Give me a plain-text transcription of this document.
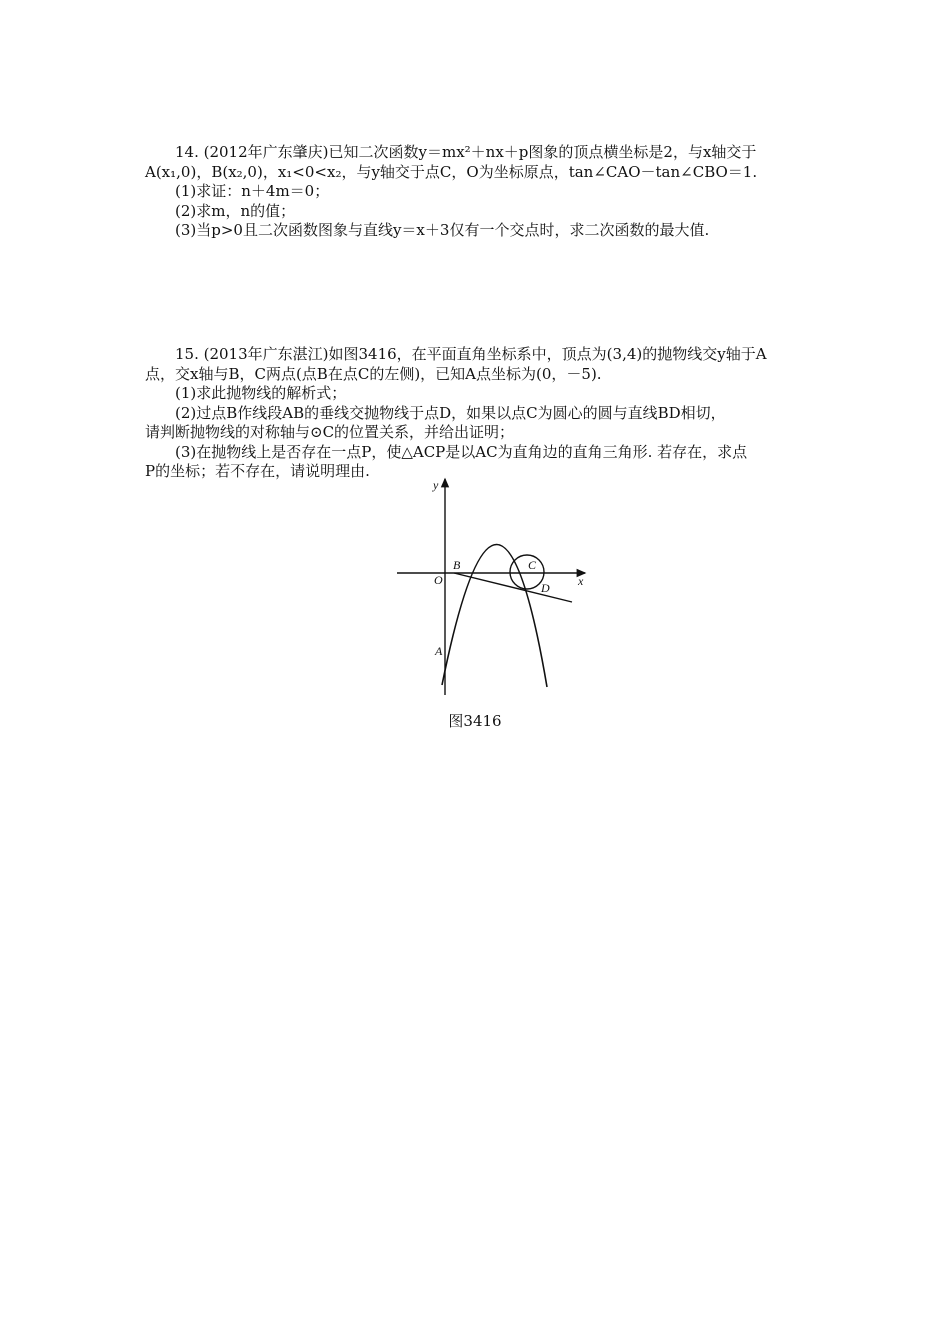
14. (2012年广东肇庆)已知二次函数y＝mx²＋nx＋p图象的顶点横坐标是2，与x轴交于
A(x₁,0)，B(x₂,0)，x₁<0<x₂，与y轴交于点C，O为坐标原点，tan∠CAO－tan∠CBO＝1.
(1)求证：n＋4m＝0；
(2)求m，n的值；
(3)当p>0且二次函数图象与直线y＝x＋3仅有一个交点时，求二次函数的最大值.
15. (2013年广东湛江)如图3416，在平面直角坐标系中，顶点为(3,4)的抛物线交y轴于A
点，交x轴与B，C两点(点B在点C的左侧)，已知A点坐标为(0，－5).
(1)求此抛物线的解析式；
(2)过点B作线段AB的垂线交抛物线于点D，如果以点C为圆心的圆与直线BD相切，
请判断抛物线的对称轴与⊙C的位置关系，并给出证明；
(3)在抛物线上是否存在一点P，使△ACP是以AC为直角边的直角三角形. 若存在，求点
P的坐标；若不存在，请说明理由.
y
x
O
B	C
D
A
图3416
